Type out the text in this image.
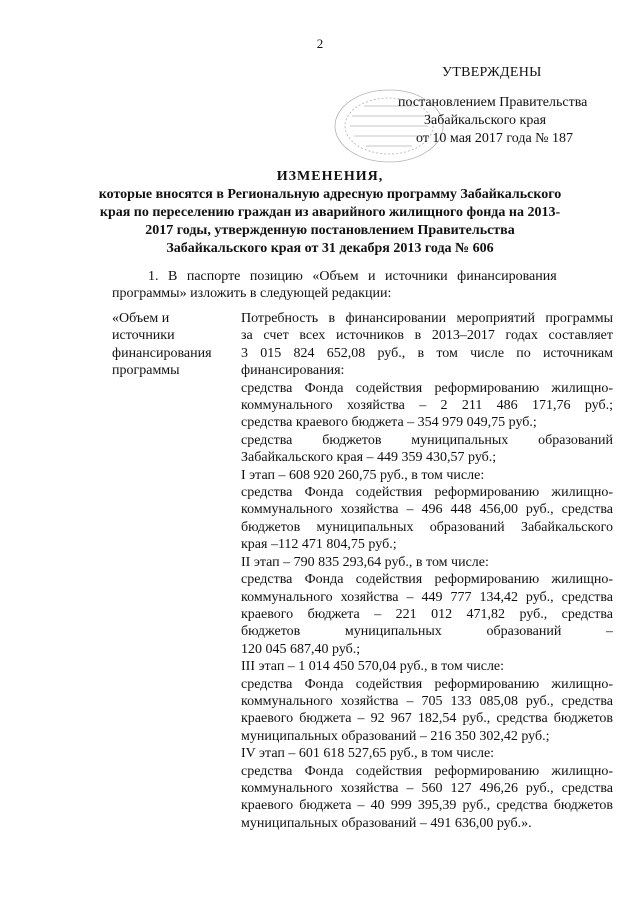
2
УТВЕРЖДЕНЫ
постановлением Правительства
Забайкальского края
от 10 мая 2017 года № 187
ИЗМЕНЕНИЯ,
которые вносятся в Региональную адресную программу Забайкальского
края по переселению граждан из аварийного жилищного фонда на 2013-
2017 годы, утвержденную постановлением Правительства
Забайкальского края от 31 декабря 2013 года № 606
1. В паспорте позицию «Объем и источники финансирования
программы» изложить в следующей редакции:
«Объем и
источники
финансирования
программы
Потребность в финансировании мероприятий программы
за счет всех источников в 2013–2017 годах составляет
3 015 824 652,08 руб., в том числе по источникам
финансирования:
средства Фонда содействия реформированию жилищно-
коммунального хозяйства – 2 211 486 171,76 руб.;
средства краевого бюджета – 354 979 049,75 руб.;
средства бюджетов муниципальных образований
Забайкальского края – 449 359 430,57 руб.;
I этап – 608 920 260,75 руб., в том числе:
средства Фонда содействия реформированию жилищно-
коммунального хозяйства – 496 448 456,00 руб., средства
бюджетов муниципальных образований Забайкальского
края –112 471 804,75 руб.;
II этап – 790 835 293,64 руб., в том числе:
средства Фонда содействия реформированию жилищно-
коммунального хозяйства – 449 777 134,42 руб., средства
краевого бюджета – 221 012 471,82 руб., средства
бюджетов муниципальных образований –
120 045 687,40 руб.;
III этап – 1 014 450 570,04 руб., в том числе:
средства Фонда содействия реформированию жилищно-
коммунального хозяйства – 705 133 085,08 руб., средства
краевого бюджета – 92 967 182,54 руб., средства бюджетов
муниципальных образований – 216 350 302,42 руб.;
IV этап – 601 618 527,65 руб., в том числе:
средства Фонда содействия реформированию жилищно-
коммунального хозяйства – 560 127 496,26 руб., средства
краевого бюджета – 40 999 395,39 руб., средства бюджетов
муниципальных образований – 491 636,00 руб.».
